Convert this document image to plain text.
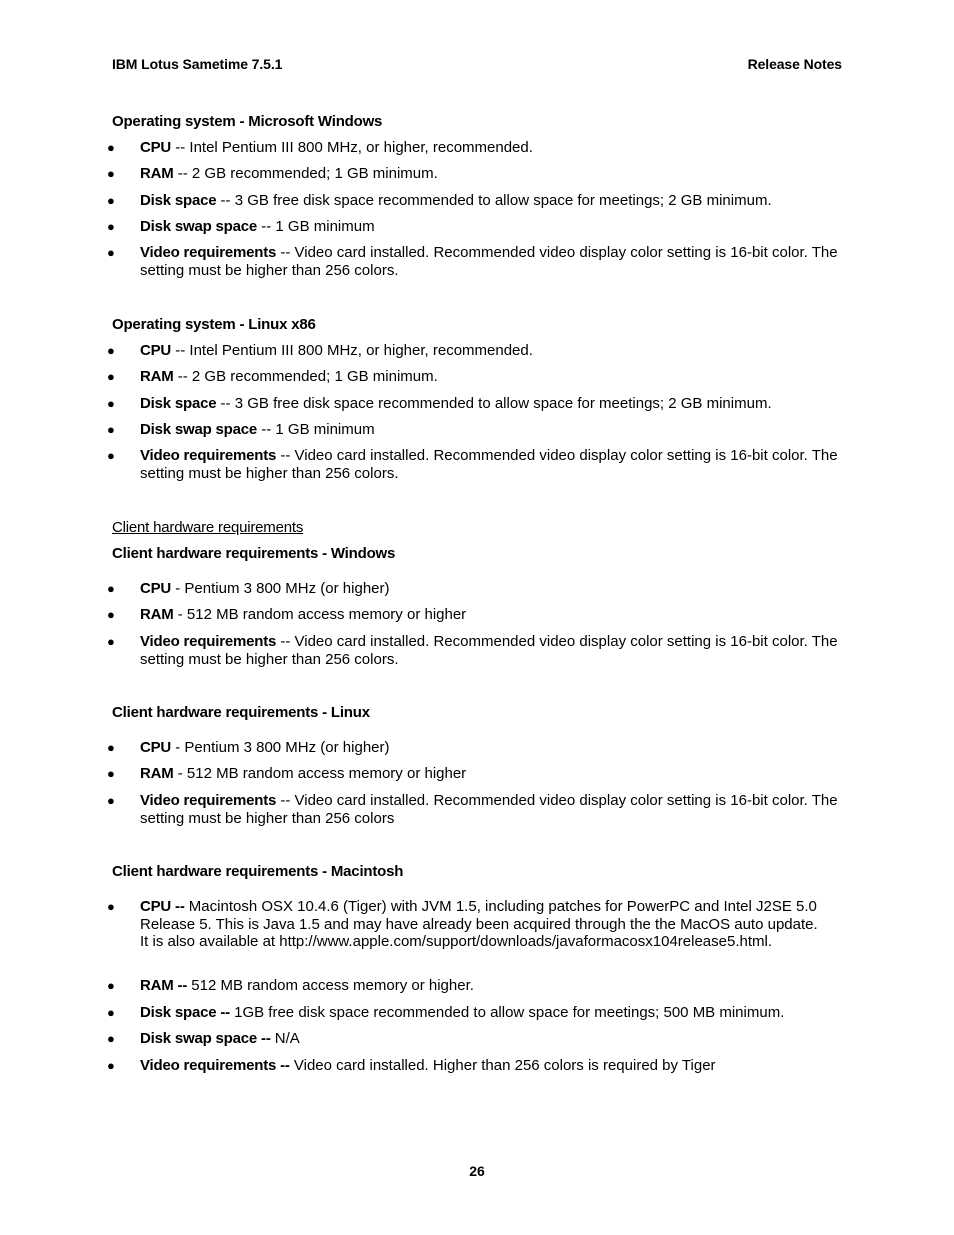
IBM Lotus Sametime 7.5.1	Release Notes
Operating system - Microsoft Windows
●	CPU -- Intel Pentium III 800 MHz, or higher, recommended.
●	RAM -- 2 GB recommended; 1 GB minimum.
●	Disk space -- 3 GB free disk space recommended to allow space for meetings; 2 GB minimum.
●	Disk swap space -- 1 GB minimum
●	Video requirements -- Video card installed. Recommended video display color setting is 16-bit color. The setting must be higher than 256 colors.
Operating system - Linux x86
●	CPU -- Intel Pentium III 800 MHz, or higher, recommended.
●	RAM -- 2 GB recommended; 1 GB minimum.
●	Disk space -- 3 GB free disk space recommended to allow space for meetings; 2 GB minimum.
●	Disk swap space -- 1 GB minimum
●	Video requirements -- Video card installed. Recommended video display color setting is 16-bit color. The setting must be higher than 256 colors.
Client hardware requirements
Client hardware requirements - Windows
●	CPU - Pentium 3 800 MHz (or higher)
●	RAM - 512 MB random access memory or higher
●	Video requirements -- Video card installed. Recommended video display color setting is 16-bit color. The setting must be higher than 256 colors.
Client hardware requirements - Linux
●	CPU - Pentium 3 800 MHz (or higher)
●	RAM - 512 MB random access memory or higher
●	Video requirements -- Video card installed. Recommended video display color setting is 16-bit color. The setting must be higher than 256 colors
Client hardware requirements - Macintosh
●	CPU -- Macintosh OSX 10.4.6 (Tiger) with JVM 1.5, including patches for PowerPC and Intel J2SE 5.0 Release 5. This is Java 1.5 and may have already been acquired through the the MacOS auto update. It is also available at http://www.apple.com/support/downloads/javaformacosx104release5.html.
●	RAM -- 512 MB random access memory or higher.
●	Disk space -- 1GB free disk space recommended to allow space for meetings; 500 MB minimum.
●	Disk swap space -- N/A
●	Video requirements -- Video card installed. Higher than 256 colors is required by Tiger
26
